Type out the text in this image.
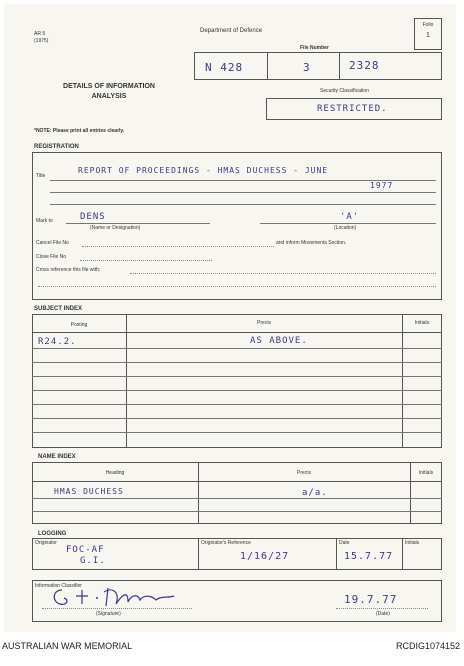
AR 5
(1975)
Department of Defence
Folio
1
File Number
N 428	3	2328
DETAILS OF INFORMATION
ANALYSIS
Security Classification
RESTRICTED.
*NOTE: Please print all entries clearly.
REGISTRATION
Title
REPORT OF PROCEEDINGS - HMAS DUCHESS - JUNE
1977
Mark to	DENS
(Name or Designation)
'A'
(Location)
Cancel File No	and inform Movements Section.
Close File No
Cross reference this file with:
SUBJECT INDEX
Posting	Precis	Initials
R24.2.	AS ABOVE.
NAME INDEX
Heading	Precis	Initials
HMAS DUCHESS	a/a.
LOGGING
Originator
FOC-AF
G.I.
Originator's Reference
1/16/27
Date
15.7.77
Initials
Information Classifier
(Signature)
19.7.77
(Date)
AUSTRALIAN WAR MEMORIAL	RCDIG1074152
